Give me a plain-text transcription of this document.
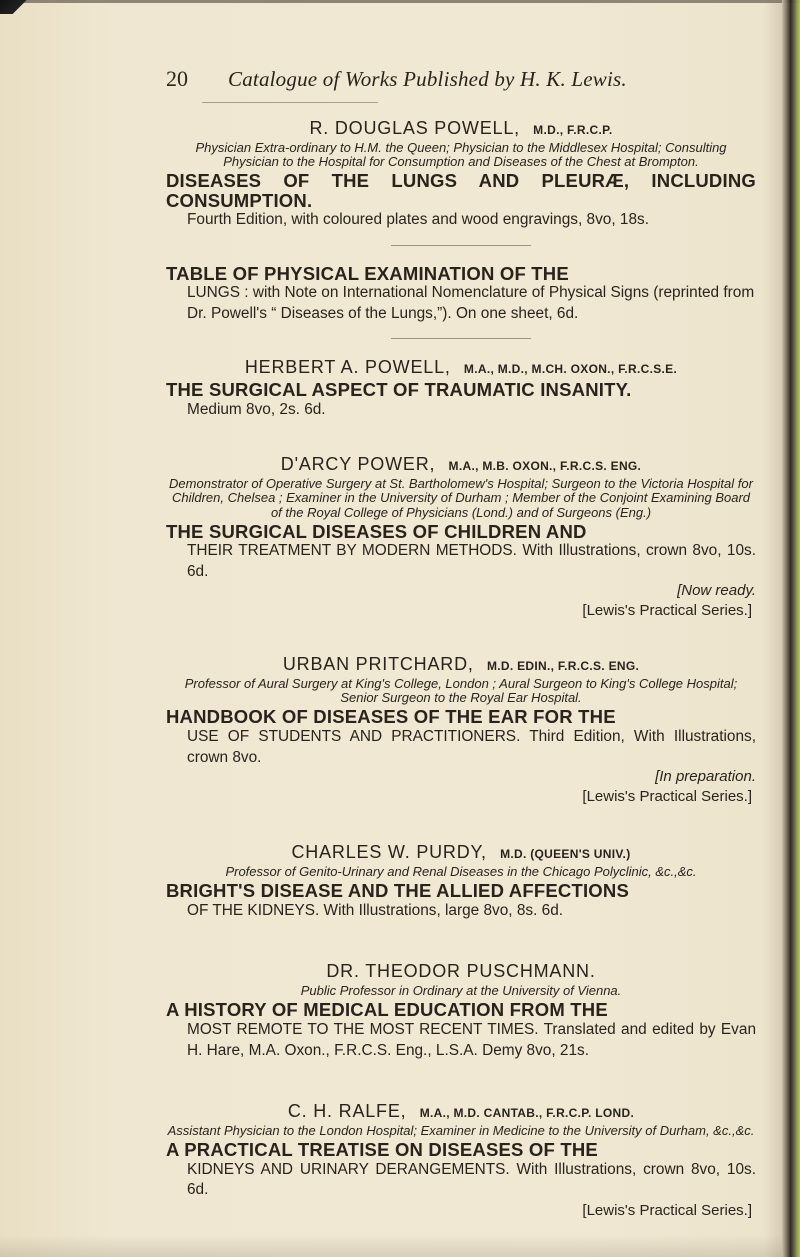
20 Catalogue of Works Published by H. K. Lewis.
R. DOUGLAS POWELL, M.D., F.R.C.P.
Physician Extra-ordinary to H.M. the Queen; Physician to the Middlesex Hospital; Consulting Physician to the Hospital for Consumption and Diseases of the Chest at Brompton.
DISEASES OF THE LUNGS AND PLEURÆ, INCLUDING CONSUMPTION.
Fourth Edition, with coloured plates and wood engravings, 8vo, 18s.
TABLE OF PHYSICAL EXAMINATION OF THE
LUNGS : with Note on International Nomenclature of Physical Signs (reprinted from Dr. Powell's “ Diseases of the Lungs,”). On one sheet, 6d.
HERBERT A. POWELL, M.A., M.D., M.CH. OXON., F.R.C.S.E.
THE SURGICAL ASPECT OF TRAUMATIC INSANITY.
Medium 8vo, 2s. 6d.
D'ARCY POWER, M.A., M.B. OXON., F.R.C.S. ENG.
Demonstrator of Operative Surgery at St. Bartholomew's Hospital; Surgeon to the Victoria Hospital for Children, Chelsea ; Examiner in the University of Durham ; Member of the Conjoint Examining Board of the Royal College of Physicians (Lond.) and of Surgeons (Eng.)
THE SURGICAL DISEASES OF CHILDREN AND
THEIR TREATMENT BY MODERN METHODS. With Illustrations, crown 8vo, 10s. 6d.
[Now ready.
[Lewis's Practical Series.]
URBAN PRITCHARD, M.D. EDIN., F.R.C.S. ENG.
Professor of Aural Surgery at King's College, London ; Aural Surgeon to King's College Hospital; Senior Surgeon to the Royal Ear Hospital.
HANDBOOK OF DISEASES OF THE EAR FOR THE
USE OF STUDENTS AND PRACTITIONERS. Third Edition, With Illustrations, crown 8vo.
[In preparation.
[Lewis's Practical Series.]
CHARLES W. PURDY, M.D. (QUEEN'S UNIV.)
Professor of Genito-Urinary and Renal Diseases in the Chicago Polyclinic, &c.,&c.
BRIGHT'S DISEASE AND THE ALLIED AFFECTIONS
OF THE KIDNEYS. With Illustrations, large 8vo, 8s. 6d.
DR. THEODOR PUSCHMANN.
Public Professor in Ordinary at the University of Vienna.
A HISTORY OF MEDICAL EDUCATION FROM THE
MOST REMOTE TO THE MOST RECENT TIMES. Translated and edited by Evan H. Hare, M.A. Oxon., F.R.C.S. Eng., L.S.A. Demy 8vo, 21s.
C. H. RALFE, M.A., M.D. CANTAB., F.R.C.P. LOND.
Assistant Physician to the London Hospital; Examiner in Medicine to the University of Durham, &c.,&c.
A PRACTICAL TREATISE ON DISEASES OF THE
KIDNEYS AND URINARY DERANGEMENTS. With Illustrations, crown 8vo, 10s. 6d.
[Lewis's Practical Series.]
